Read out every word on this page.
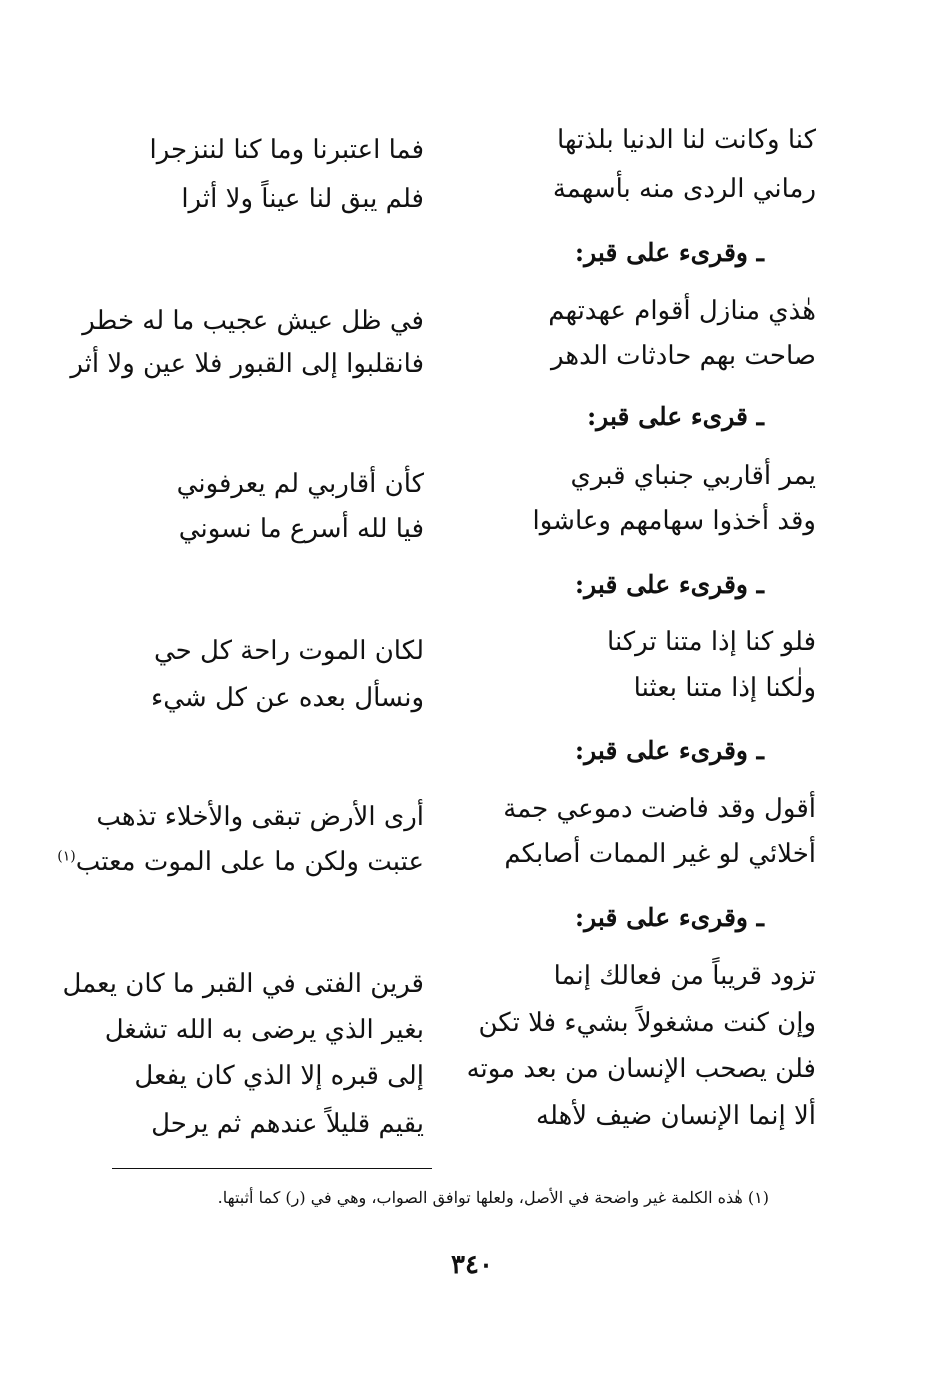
كنا وكانت لنا الدنيا بلذتها
فما اعتبرنا وما كنا لننزجرا
رماني الردى منه بأسهمة
فلم يبق لنا عيناً ولا أثرا
ـ وقرىء على قبر:
هٰذي منازل أقوام عهدتهم
في ظل عيش عجيب ما له خطر
صاحت بهم حادثات الدهر
فانقلبوا إلى القبور فلا عين ولا أثر
ـ قرىء على قبر:
يمر أقاربي جنباي قبري
كأن أقاربي لم يعرفوني
وقد أخذوا سهامهم وعاشوا
فيا لله أسرع ما نسوني
ـ وقرىء على قبر:
فلو كنا إذا متنا تركنا
لكان الموت راحة كل حي
ولٰكنا إذا متنا بعثنا
ونسأل بعده عن كل شيء
ـ وقرىء على قبر:
أقول وقد فاضت دموعي جمة
أرى الأرض تبقى والأخلاء تذهب
أخلائي لو غير الممات أصابكم
عتبت ولكن ما على الموت معتب$^{(١)}$
ـ وقرىء على قبر:
تزود قريباً من فعالك إنما
قرين الفتى في القبر ما كان يعمل
وإن كنت مشغولاً بشيء فلا تكن
بغير الذي يرضى به الله تشغل
فلن يصحب الإنسان من بعد موته
إلى قبره إلا الذي كان يفعل
ألا إنما الإنسان ضيف لأهله
يقيم قليلاً عندهم ثم يرحل
(١) هٰذه الكلمة غير واضحة في الأصل، ولعلها توافق الصواب، وهي في (ر) كما أثبتها.
٣٤٠
